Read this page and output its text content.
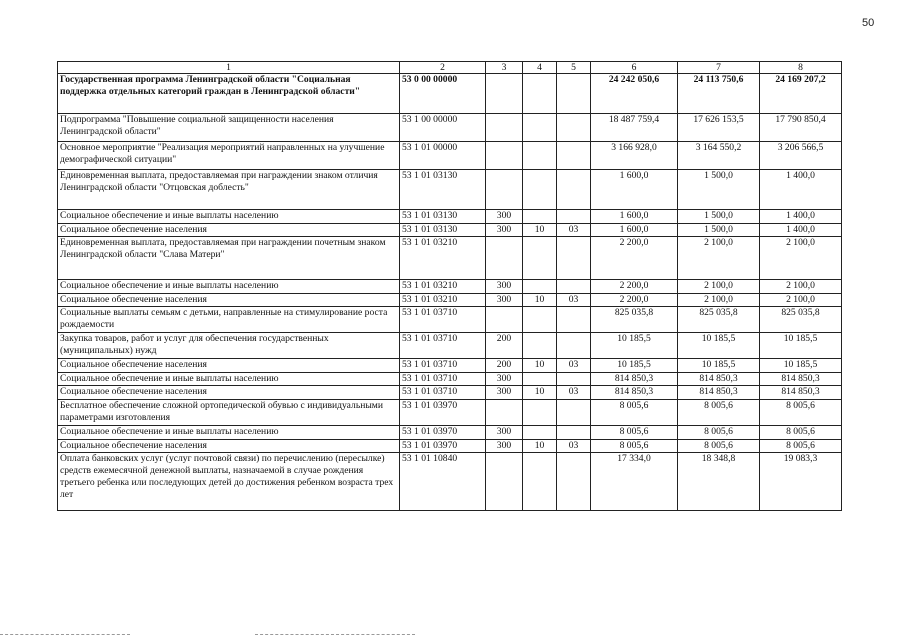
50
1	2	3	4	5	6	7	8
Государственная программа Ленинградской области "Социальная поддержка отдельных категорий граждан в Ленинградской области"	53 0 00 00000				24 242 050,6	24 113 750,6	24 169 207,2
Подпрограмма "Повышение социальной защищенности населения Ленинградской области"	53 1 00 00000				18 487 759,4	17 626 153,5	17 790 850,4
Основное мероприятие "Реализация мероприятий направленных на улучшение демографической ситуации"	53 1 01 00000				3 166 928,0	3 164 550,2	3 206 566,5
Единовременная выплата, предоставляемая при награждении знаком отличия Ленинградской области "Отцовская доблесть"	53 1 01 03130				1 600,0	1 500,0	1 400,0
Социальное обеспечение и иные выплаты населению	53 1 01 03130	300			1 600,0	1 500,0	1 400,0
Социальное обеспечение населения	53 1 01 03130	300	10	03	1 600,0	1 500,0	1 400,0
Единовременная выплата, предоставляемая при награждении почетным знаком Ленинградской области "Слава Матери"	53 1 01 03210				2 200,0	2 100,0	2 100,0
Социальное обеспечение и иные выплаты населению	53 1 01 03210	300			2 200,0	2 100,0	2 100,0
Социальное обеспечение населения	53 1 01 03210	300	10	03	2 200,0	2 100,0	2 100,0
Социальные выплаты семьям с детьми, направленные на стимулирование роста рождаемости	53 1 01 03710				825 035,8	825 035,8	825 035,8
Закупка товаров, работ и услуг для обеспечения государственных (муниципальных) нужд	53 1 01 03710	200			10 185,5	10 185,5	10 185,5
Социальное обеспечение населения	53 1 01 03710	200	10	03	10 185,5	10 185,5	10 185,5
Социальное обеспечение и иные выплаты населению	53 1 01 03710	300			814 850,3	814 850,3	814 850,3
Социальное обеспечение населения	53 1 01 03710	300	10	03	814 850,3	814 850,3	814 850,3
Бесплатное обеспечение сложной ортопедической обувью с индивидуальными параметрами изготовления	53 1 01 03970				8 005,6	8 005,6	8 005,6
Социальное обеспечение и иные выплаты населению	53 1 01 03970	300			8 005,6	8 005,6	8 005,6
Социальное обеспечение населения	53 1 01 03970	300	10	03	8 005,6	8 005,6	8 005,6
Оплата банковских услуг (услуг почтовой связи) по перечислению (пересылке) средств ежемесячной денежной выплаты, назначаемой в случае рождения третьего ребенка или последующих детей до достижения ребенком возраста трех лет	53 1 01 10840				17 334,0	18 348,8	19 083,3
